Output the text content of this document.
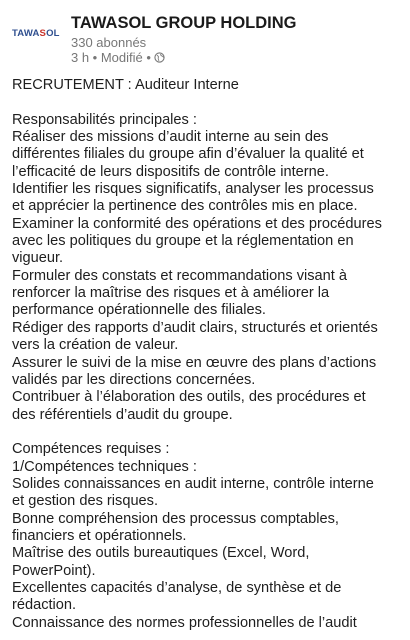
TAWASOL
TAWASOL GROUP HOLDING
330 abonnés
3 h • Modifié •
RECRUTEMENT : Auditeur Interne
Responsabilités principales :
Réaliser des missions d’audit interne au sein des
différentes filiales du groupe afin d’évaluer la qualité et
l’efficacité de leurs dispositifs de contrôle interne.
Identifier les risques significatifs, analyser les processus
et apprécier la pertinence des contrôles mis en place.
Examiner la conformité des opérations et des procédures
avec les politiques du groupe et la réglementation en
vigueur.
Formuler des constats et recommandations visant à
renforcer la maîtrise des risques et à améliorer la
performance opérationnelle des filiales.
Rédiger des rapports d’audit clairs, structurés et orientés
vers la création de valeur.
Assurer le suivi de la mise en œuvre des plans d’actions
validés par les directions concernées.
Contribuer à l’élaboration des outils, des procédures et
des référentiels d’audit du groupe.
Compétences requises :
1/Compétences techniques :
Solides connaissances en audit interne, contrôle interne
et gestion des risques.
Bonne compréhension des processus comptables,
financiers et opérationnels.
Maîtrise des outils bureautiques (Excel, Word,
PowerPoint).
Excellentes capacités d’analyse, de synthèse et de
rédaction.
Connaissance des normes professionnelles de l’audit
